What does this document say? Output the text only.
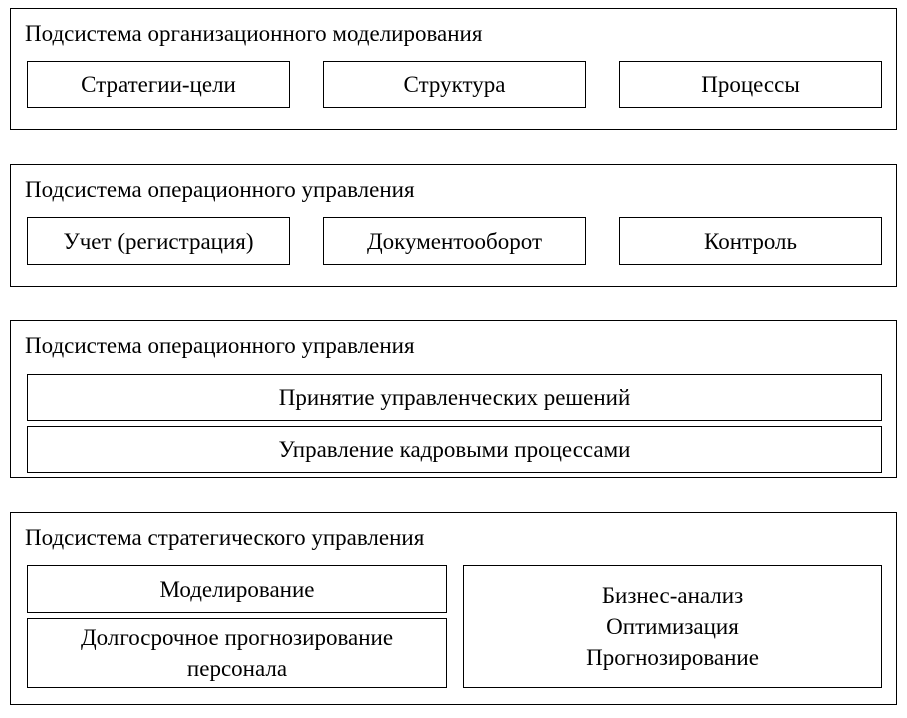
Подсистема организационного моделирования
Стратегии-цели	Структура	Процессы
Подсистема операционного управления
Учет (регистрация)	Документооборот	Контроль
Подсистема операционного управления
Принятие управленческих решений
Управление кадровыми процессами
Подсистема стратегического управления
Моделирование
Долгосрочное прогнозирование
персонала
Бизнес-анализ
Оптимизация
Прогнозирование
